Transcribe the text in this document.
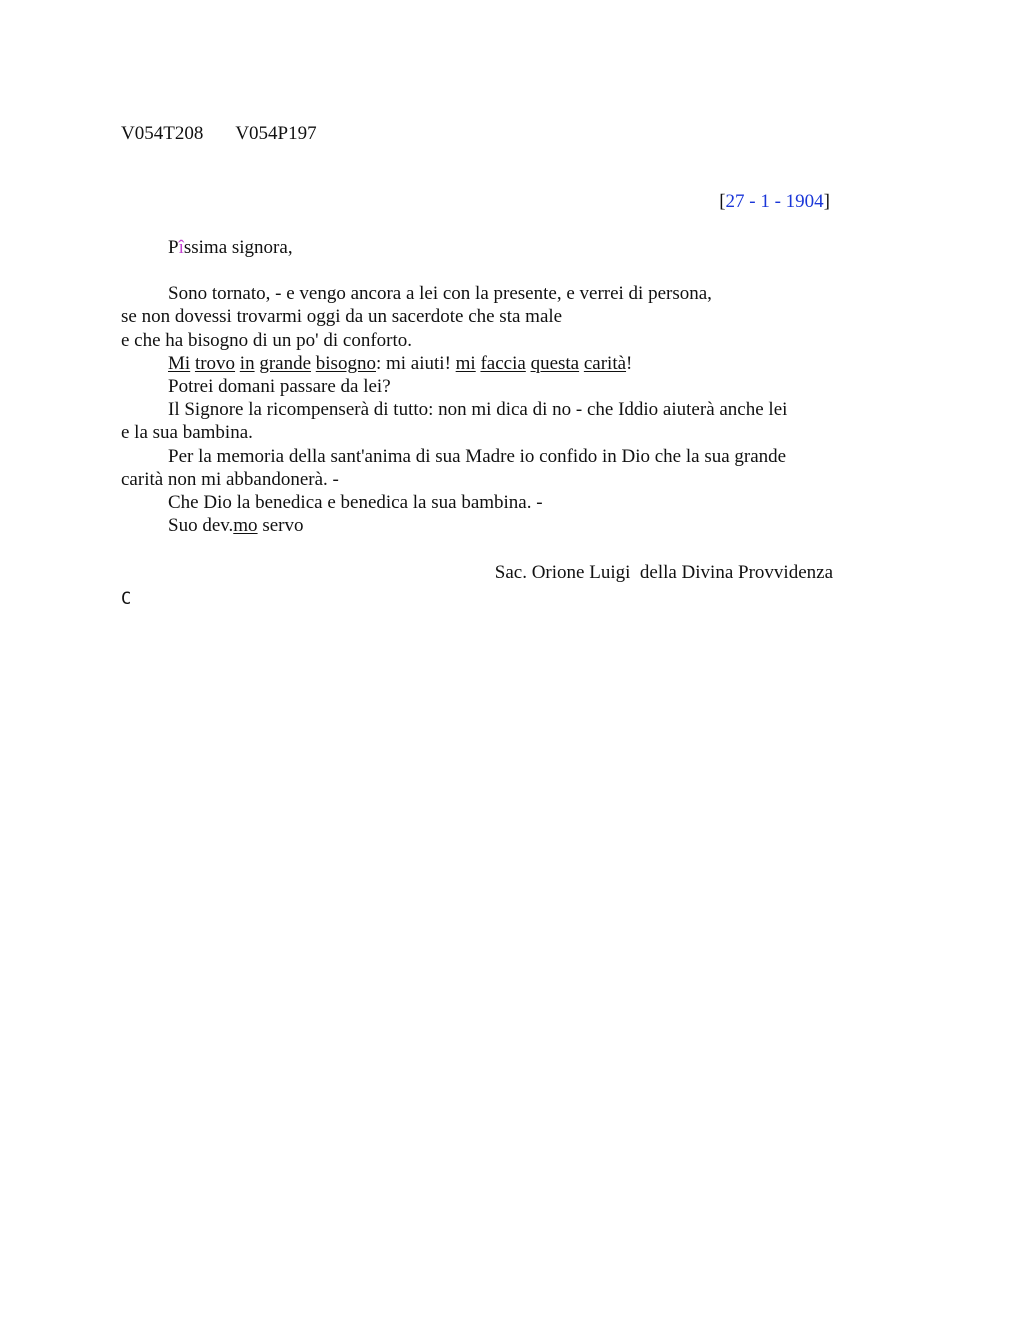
V054T208 V054P197
[27 - 1 - 1904]
Pîssima signora,
Sono tornato, - e vengo ancora a lei con la presente, e verrei di persona,
se non dovessi trovarmi oggi da un sacerdote che sta male
e che ha bisogno di un po' di conforto.
Mi trovo in grande bisogno: mi aiuti! mi faccia questa carità!
Potrei domani passare da lei?
Il Signore la ricompenserà di tutto: non mi dica di no - che Iddio aiuterà anche lei
e la sua bambina.
Per la memoria della sant'anima di sua Madre io confido in Dio che la sua grande
carità non mi abbandonerà. -
Che Dio la benedica e benedica la sua bambina. -
Suo dev.mo servo
Sac. Orione Luigi  della Divina Provvidenza
C
